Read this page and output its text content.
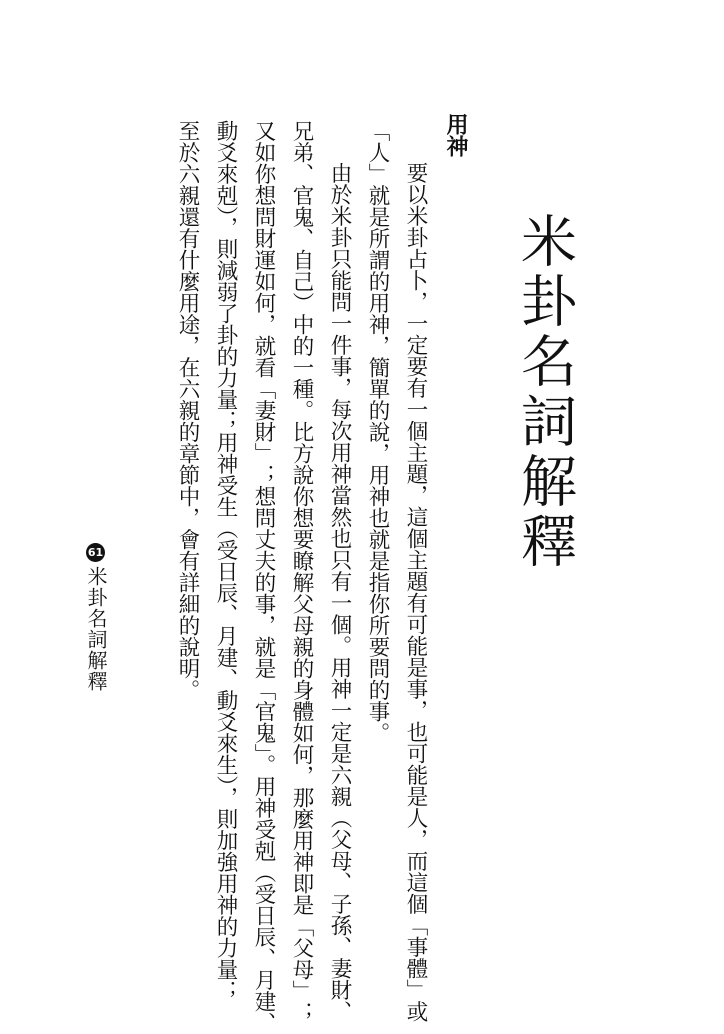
米卦名詞解釋
用神

要以米卦占卜，一定要有一個主題，這個主題有可能是事，也可能是人，而這個「事體」或

「人」就是所謂的用神，簡單的說，用神也就是指你所要問的事。

由於米卦只能問一件事，每次用神當然也只有一個。用神一定是六親（父母、子孫、妻財、

兄弟、官鬼、自己）中的一種。比方說你想要瞭解父母親的身體如何，那麼用神即是「父母」；

又如你想問財運如何，就看「妻財」；想問丈夫的事，就是「官鬼」。用神受剋（受日辰、月建、

動爻來剋），則減弱了卦的力量；用神受生（受日辰、月建、動爻來生），則加強用神的力量；

至於六親還有什麼用途，在六親的章節中，會有詳細的說明。

61
米卦名詞解釋
